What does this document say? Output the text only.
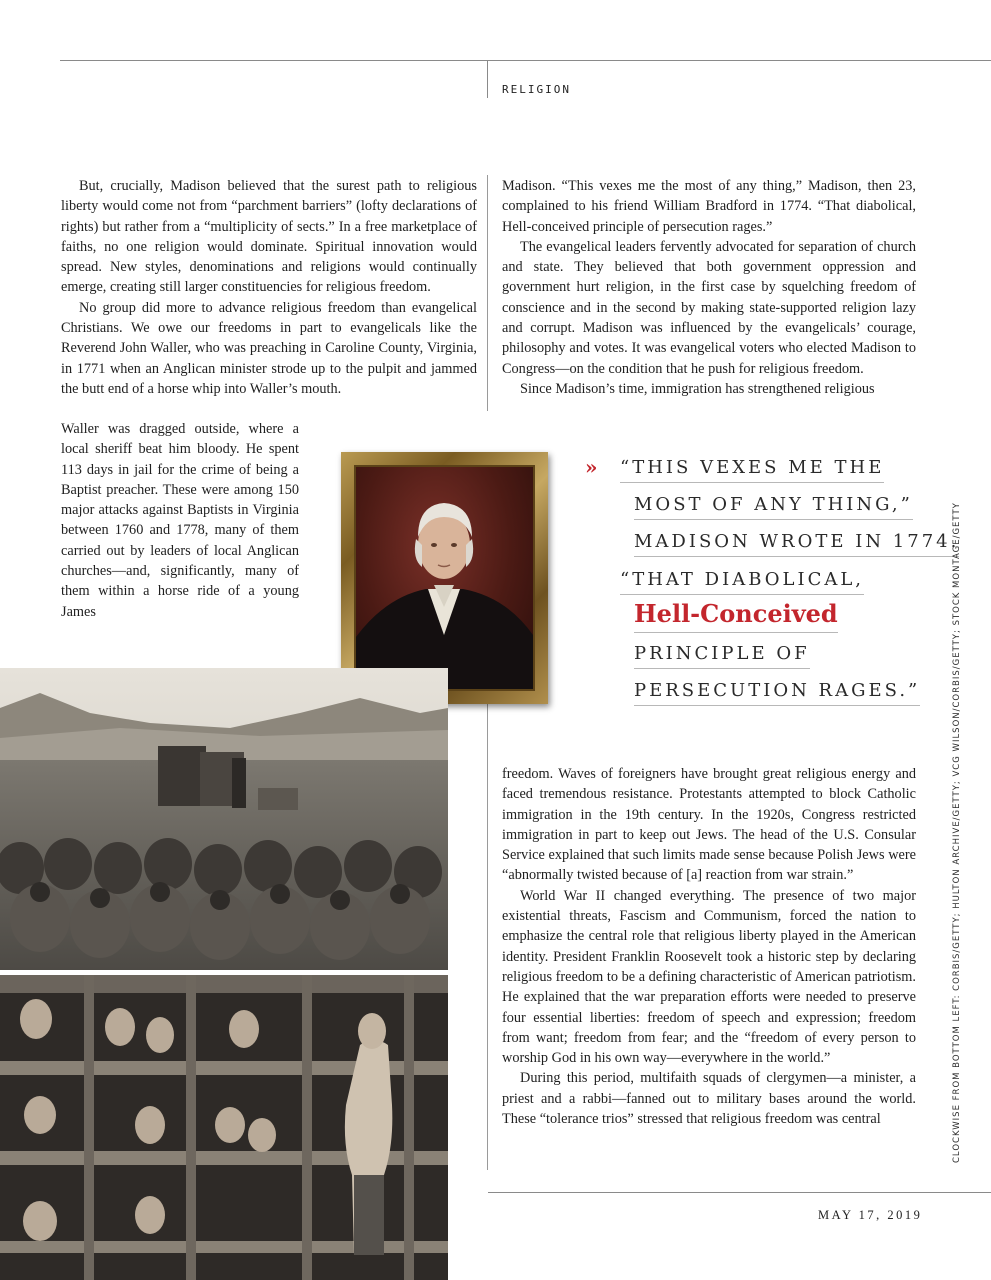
RELIGION

But, crucially, Madison believed that the surest path to religious liberty would come not from “parchment barriers” (lofty declarations of rights) but rather from a “multiplicity of sects.” In a free marketplace of faiths, no one religion would dominate. Spiritual innovation would spread. New styles, denominations and religions would continually emerge, creating still larger constituencies for religious freedom.

No group did more to advance religious freedom than evangelical Christians. We owe our freedoms in part to evangelicals like the Reverend John Waller, who was preaching in Caroline County, Virginia, in 1771 when an Anglican minister strode up to the pulpit and jammed the butt end of a horse whip into Waller’s mouth.

Waller was dragged outside, where a local sheriff beat him bloody. He spent 113 days in jail for the crime of being a Baptist preacher. These were among 150 major attacks against Baptists in Virginia between 1760 and 1778, many of them carried out by leaders of local Anglican churches—and, significantly, many of them within a horse ride of a young James

Madison. “This vexes me the most of any thing,” Madison, then 23, complained to his friend William Bradford in 1774. “That diabolical, Hell-conceived principle of persecution rages.”

The evangelical leaders fervently advocated for separation of church and state. They believed that both government oppression and government hurt religion, in the first case by squelching freedom of conscience and in the second by making state-supported religion lazy and corrupt. Madison was influenced by the evangelicals’ courage, philosophy and votes. It was evangelical voters who elected Madison to Congress—on the condition that he push for religious freedom.

Since Madison’s time, immigration has strengthened religious

freedom. Waves of foreigners have brought great religious energy and faced tremendous resistance. Protestants attempted to block Catholic immigration in the 19th century. In the 1920s, Congress restricted immigration in part to keep out Jews. The head of the U.S. Consular Service explained that such limits made sense because Polish Jews were “abnormally twisted because of [a] reaction from war strain.”

World War II changed everything. The presence of two major existential threats, Fascism and Communism, forced the nation to emphasize the central role that religious liberty played in the American identity. President Franklin Roosevelt took a historic step by declaring religious freedom to be a defining characteristic of American patriotism. He explained that the war preparation efforts were needed to preserve four essential liberties: freedom of speech and expression; freedom from want; freedom from fear; and the “freedom of every person to worship God in his own way—everywhere in the world.”

During this period, multifaith squads of clergymen—a minister, a priest and a rabbi—fanned out to military bases around the world. These “tolerance trios” stressed that religious freedom was central

» “THIS VEXES ME THE
MOST OF ANY THING,”
MADISON WROTE IN 1774.
“THAT DIABOLICAL,
Hell-Conceived
PRINCIPLE OF
PERSECUTION RAGES.”	CLOCKWISE FROM BOTTOM LEFT: CORBIS/GETTY; HULTON ARCHIVE/GETTY; VCG WILSON/CORBIS/GETTY; STOCK MONTAGE/GETTY
MAY 17, 2019
